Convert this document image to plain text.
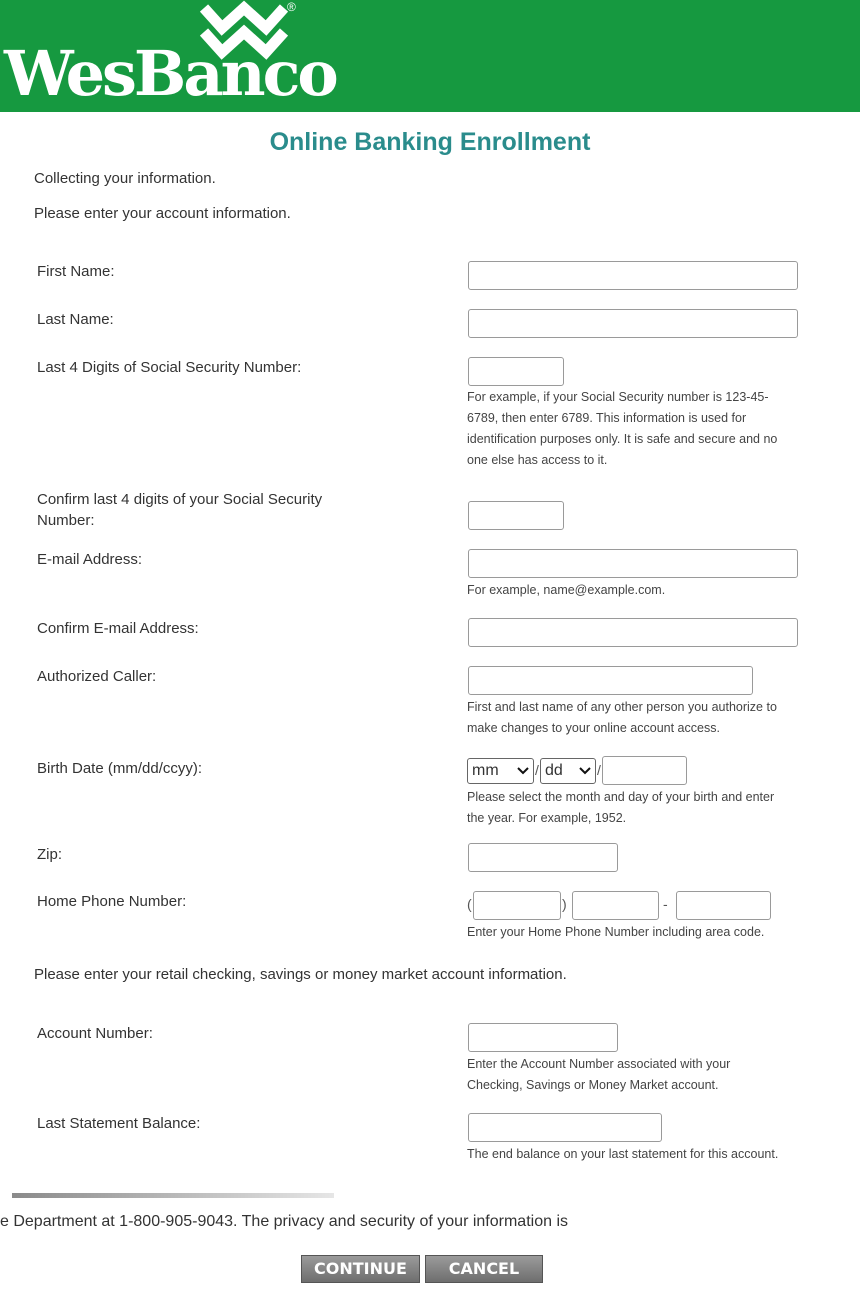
®
WesBanco
Online Banking Enrollment

Collecting your information.

Please enter your account information.

First Name:
Last Name:
Last 4 Digits of Social Security Number:
For example, if your Social Security number is 123-45-
6789, then enter 6789. This information is used for
identification purposes only. It is safe and secure and no
one else has access to it.
Confirm last 4 digits of your Social Security
Number:
E-mail Address:
For example, name@example.com.
Confirm E-mail Address:
Authorized Caller:
First and last name of any other person you authorize to
make changes to your online account access.
Birth Date (mm/dd/ccyy):	mm	/ dd /
Please select the month and day of your birth and enter
the year. For example, 1952.
Zip:
Home Phone Number:	(	)	-
Enter your Home Phone Number including area code.

Please enter your retail checking, savings or money market account information.

Account Number:
Enter the Account Number associated with your
Checking, Savings or Money Market account.
Last Statement Balance:
The end balance on your last statement for this account.
e Department at 1-800-905-9043. The privacy and security of your information is
CONTINUE	CANCEL
